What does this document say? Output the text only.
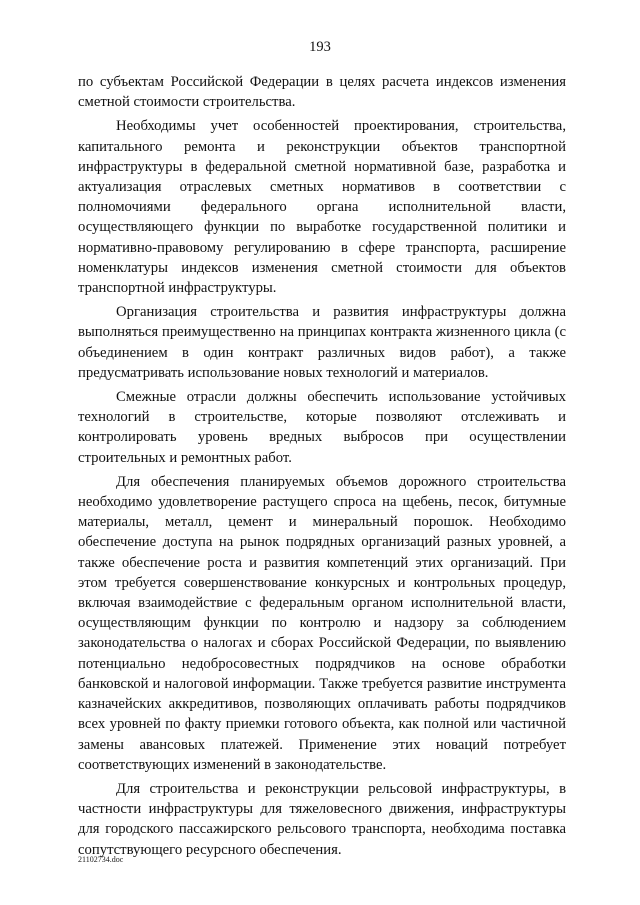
193

по субъектам Российской Федерации в целях расчета индексов изменения сметной стоимости строительства.

Необходимы учет особенностей проектирования, строительства, капитального ремонта и реконструкции объектов транспортной инфраструктуры в федеральной сметной нормативной базе, разработка и актуализация отраслевых сметных нормативов в соответствии с полномочиями федерального органа исполнительной власти, осуществляющего функции по выработке государственной политики и нормативно-правовому регулированию в сфере транспорта, расширение номенклатуры индексов изменения сметной стоимости для объектов транспортной инфраструктуры.

Организация строительства и развития инфраструктуры должна выполняться преимущественно на принципах контракта жизненного цикла (с объединением в один контракт различных видов работ), а также предусматривать использование новых технологий и материалов.

Смежные отрасли должны обеспечить использование устойчивых технологий в строительстве, которые позволяют отслеживать и контролировать уровень вредных выбросов при осуществлении строительных и ремонтных работ.

Для обеспечения планируемых объемов дорожного строительства необходимо удовлетворение растущего спроса на щебень, песок, битумные материалы, металл, цемент и минеральный порошок. Необходимо обеспечение доступа на рынок подрядных организаций разных уровней, а также обеспечение роста и развития компетенций этих организаций. При этом требуется совершенствование конкурсных и контрольных процедур, включая взаимодействие с федеральным органом исполнительной власти, осуществляющим функции по контролю и надзору за соблюдением законодательства о налогах и сборах Российской Федерации, по выявлению потенциально недобросовестных подрядчиков на основе обработки банковской и налоговой информации. Также требуется развитие инструмента казначейских аккредитивов, позволяющих оплачивать работы подрядчиков всех уровней по факту приемки готового объекта, как полной или частичной замены авансовых платежей. Применение этих новаций потребует соответствующих изменений в законодательстве.

Для строительства и реконструкции рельсовой инфраструктуры, в частности инфраструктуры для тяжеловесного движения, инфраструктуры для городского пассажирского рельсового транспорта, необходима поставка сопутствующего ресурсного обеспечения.

21102734.doc
